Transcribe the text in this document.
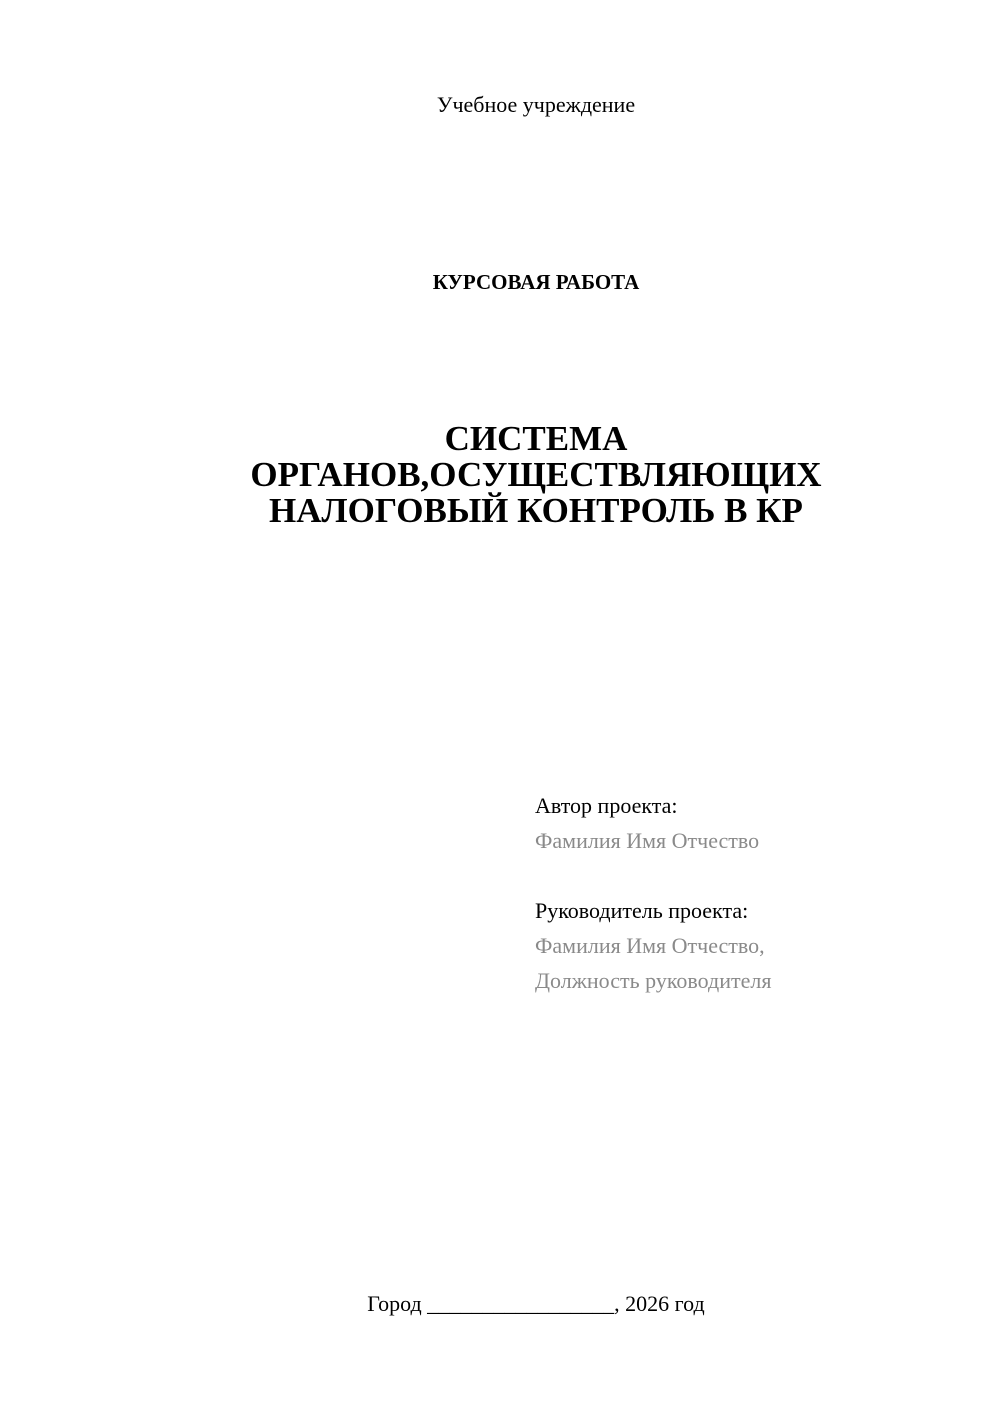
Учебное учреждение
КУРСОВАЯ РАБОТА
СИСТЕМА
ОРГАНОВ,ОСУЩЕСТВЛЯЮЩИХ
НАЛОГОВЫЙ КОНТРОЛЬ В КР
Автор проекта:
Фамилия Имя Отчество
Руководитель проекта:
Фамилия Имя Отчество,
Должность руководителя
Город _________________, 2026 год
